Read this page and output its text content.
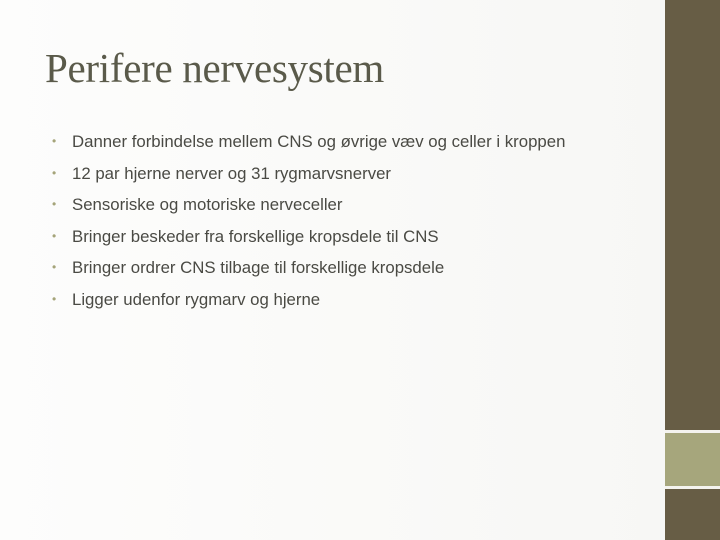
Perifere nervesystem
• Danner forbindelse mellem CNS og øvrige væv og celler i kroppen
• 12 par hjerne nerver og 31 rygmarvsnerver
• Sensoriske og motoriske nerveceller
• Bringer beskeder fra forskellige kropsdele til CNS
• Bringer ordrer CNS tilbage til forskellige kropsdele
• Ligger udenfor rygmarv og hjerne
